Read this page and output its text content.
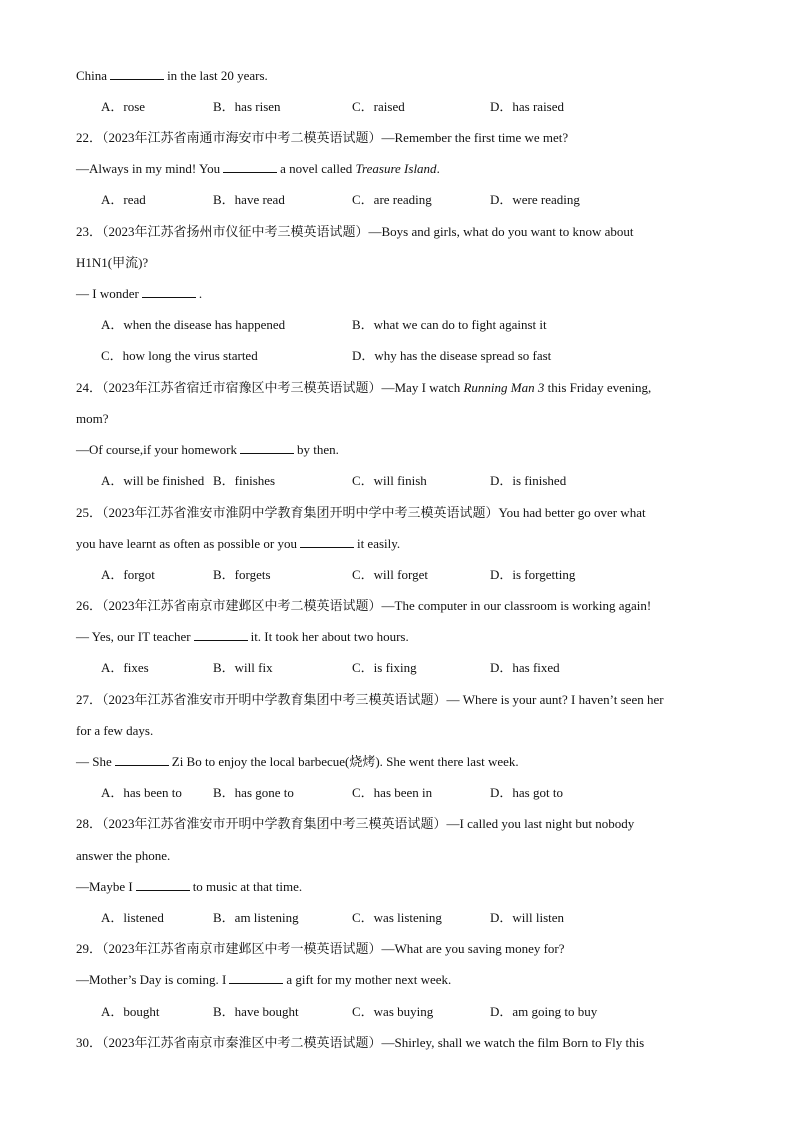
China	in the last 20 years.
A．rose	B．has risen	C．raised	D．has raised
22．（2023年江苏省南通市海安市中考二模英语试题）—Remember the first time we met?
—Always in my mind! You	a novel called Treasure Island.
A．read	B．have read	C．are reading	D．were reading
23．（2023年江苏省扬州市仪征中考三模英语试题）—Boys and girls, what do you want to know about
H1N1(甲流)?
— I wonder	.
A．when the disease has happened	B．what we can do to fight against it
C．how long the virus started	D．why has the disease spread so fast
24．（2023年江苏省宿迁市宿豫区中考三模英语试题）—May I watch Running Man 3 this Friday evening,
mom?
—Of course,if your homework	by then.
A．will be finished B．finishes	C．will finish	D．is finished
25．（2023年江苏省淮安市淮阴中学教育集团开明中学中考三模英语试题）You had better go over what
you have learnt as often as possible or you	it easily.
A．forgot	B．forgets	C．will forget	D．is forgetting
26．（2023年江苏省南京市建邺区中考二模英语试题）—The computer in our classroom is working again!
— Yes, our IT teacher	it. It took her about two hours.
A．fixes	B．will fix	C．is fixing	D．has fixed
27．（2023年江苏省淮安市开明中学教育集团中考三模英语试题）— Where is your aunt? I haven’t seen her
for a few days.
— She	Zi Bo to enjoy the local barbecue(烧烤). She went there last week.
A．has been to B．has gone to	C．has been in	D．has got to
28．（2023年江苏省淮安市开明中学教育集团中考三模英语试题）—I called you last night but nobody
answer the phone.
—Maybe I	to music at that time.
A．listened	B．am listening	C．was listening	D．will listen
29．（2023年江苏省南京市建邺区中考一模英语试题）—What are you saving money for?
—Mother’s Day is coming. I	a gift for my mother next week.
A．bought	B．have bought	C．was buying	D．am going to buy
30．（2023年江苏省南京市秦淮区中考二模英语试题）—Shirley, shall we watch the film Born to Fly this
